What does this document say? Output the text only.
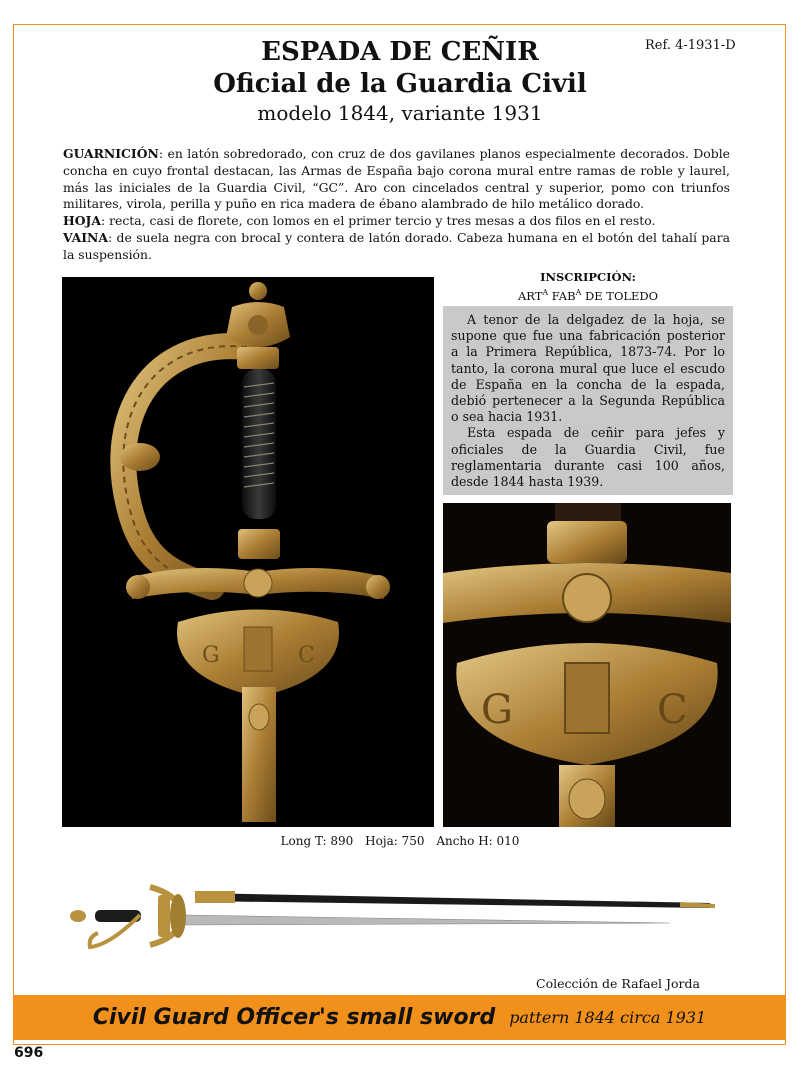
Ref. 4-1931-D
ESPADA DE CEÑIR
Oficial de la Guardia Civil
modelo 1844, variante 1931

GUARNICIÓN: en latón sobredorado, con cruz de dos gavilanes planos especialmente decorados. Doble concha en cuyo frontal destacan, las Armas de España bajo corona mural entre ramas de roble y laurel, más las iniciales de la Guardia Civil, “GC”. Aro con cincelados central y superior, pomo con triunfos militares, virola, perilla y puño en rica madera de ébano alambrado de hilo metálico dorado.

HOJA: recta, casi de florete, con lomos en el primer tercio y tres mesas a dos filos en el resto.

VAINA: de suela negra con brocal y contera de latón dorado. Cabeza humana en el botón del tahalí para la suspensión.

G	C
INSCRIPCIÓN:
$ART^A$ $FAB^A$ DE TOLEDO

A tenor de la delgadez de la hoja, se supone que fue una fabricación posterior a la Primera República, 1873-74. Por lo tanto, la corona mural que luce el escudo de España en la concha de la espada, debió pertenecer a la Segunda República o sea hacia 1931.

Esta espada de ceñir para jefes y oficiales de la Guardia Civil, fue reglamentaria durante casi 100 años, desde 1844 hasta 1939.

G	C
Long T: 890 Hoja: 750 Ancho H: 010
Colección de Rafael Jorda
Civil Guard Officer's small sword pattern 1844 circa 1931
696
